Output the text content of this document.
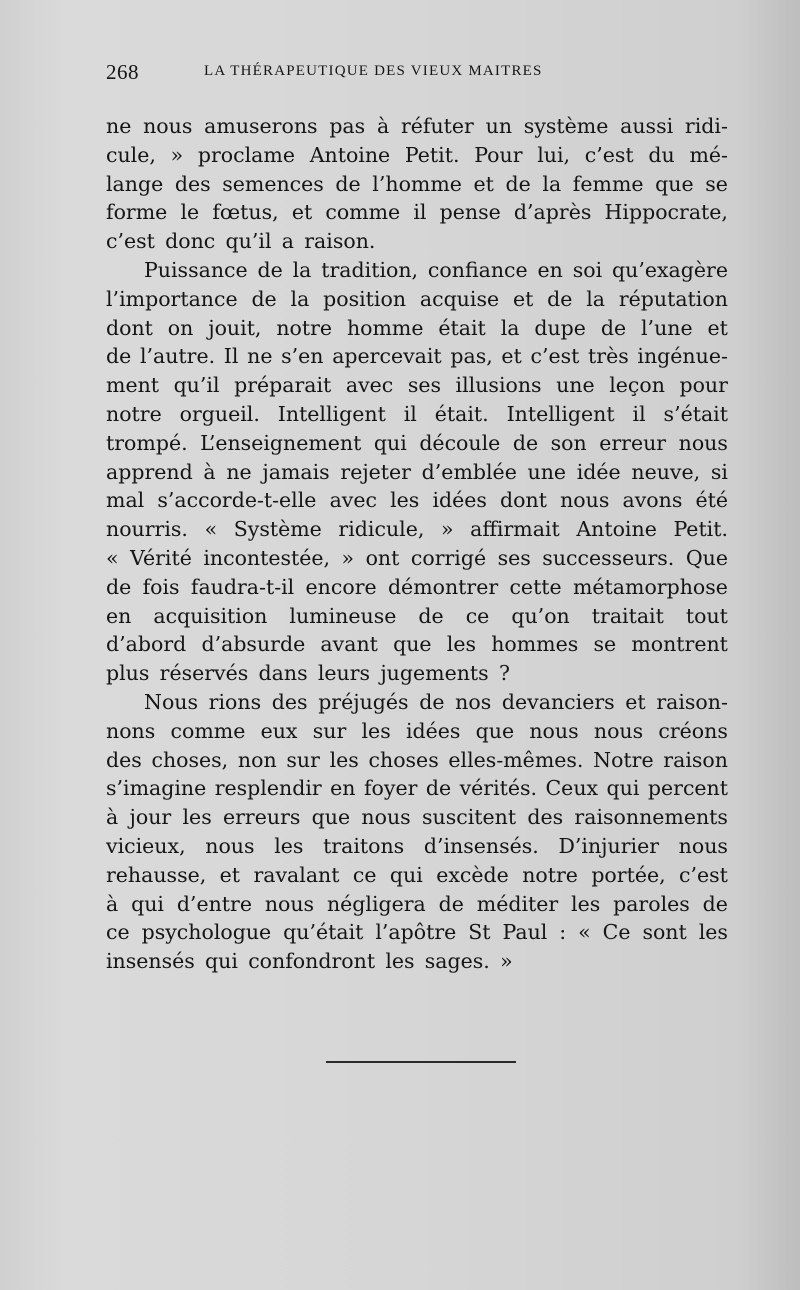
268	LA THÉRAPEUTIQUE DES VIEUX MAITRES
ne nous amuserons pas à réfuter un système aussi ridi-
cule, » proclame Antoine Petit. Pour lui, c’est du mé-
lange des semences de l’homme et de la femme que se
forme le fœtus, et comme il pense d’après Hippocrate,
c’est donc qu’il a raison.
Puissance de la tradition, confiance en soi qu’exagère
l’importance de la position acquise et de la réputation
dont on jouit, notre homme était la dupe de l’une et
de l’autre. Il ne s’en apercevait pas, et c’est très ingénue-
ment qu’il préparait avec ses illusions une leçon pour
notre orgueil. Intelligent il était. Intelligent il s’était
trompé. L’enseignement qui découle de son erreur nous
apprend à ne jamais rejeter d’emblée une idée neuve, si
mal s’accorde-t-elle avec les idées dont nous avons été
nourris. « Système ridicule, » affirmait Antoine Petit.
« Vérité incontestée, » ont corrigé ses successeurs. Que
de fois faudra-t-il encore démontrer cette métamorphose
en acquisition lumineuse de ce qu’on traitait tout
d’abord d’absurde avant que les hommes se montrent
plus réservés dans leurs jugements ?
Nous rions des préjugés de nos devanciers et raison-
nons comme eux sur les idées que nous nous créons
des choses, non sur les choses elles-mêmes. Notre raison
s’imagine resplendir en foyer de vérités. Ceux qui percent
à jour les erreurs que nous suscitent des raisonnements
vicieux, nous les traitons d’insensés. D’injurier nous
rehausse, et ravalant ce qui excède notre portée, c’est
à qui d’entre nous négligera de méditer les paroles de
ce psychologue qu’était l’apôtre St Paul : « Ce sont les
insensés qui confondront les sages. »
